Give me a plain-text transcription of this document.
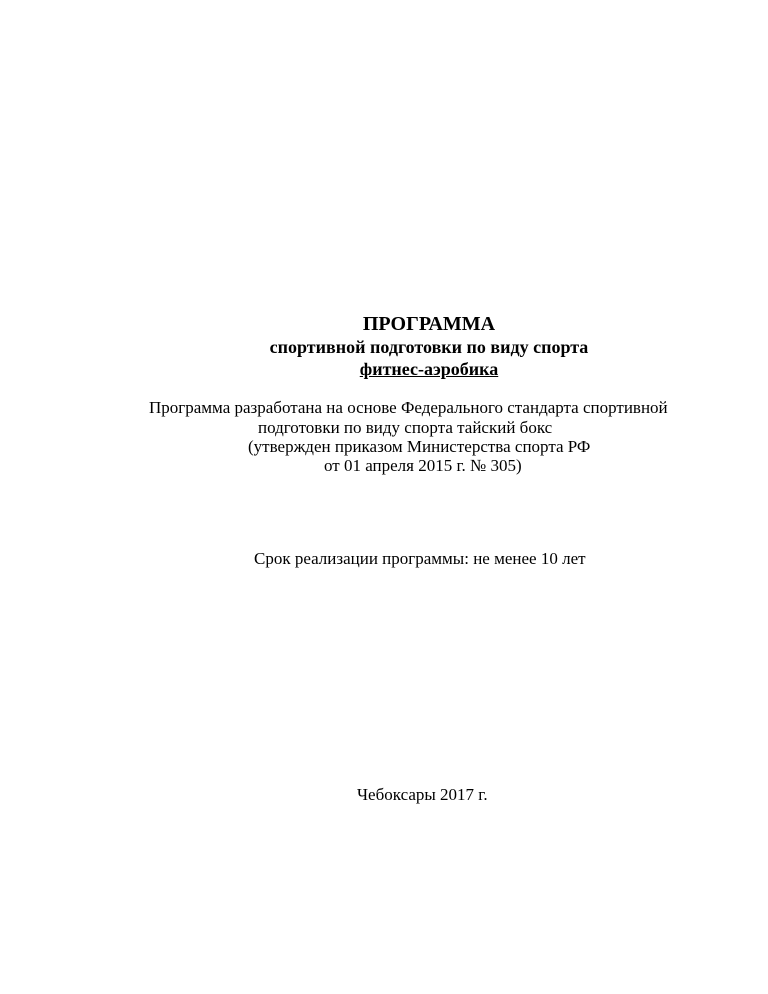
ПРОГРАММА

спортивной подготовки по виду спорта

фитнес-аэробика

Программа разработана на основе Федерального стандарта спортивной

подготовки по виду спорта тайский бокс

(утвержден приказом Министерства спорта РФ

от 01 апреля 2015 г. № 305)

Срок реализации программы: не менее 10 лет

Чебоксары 2017 г.
